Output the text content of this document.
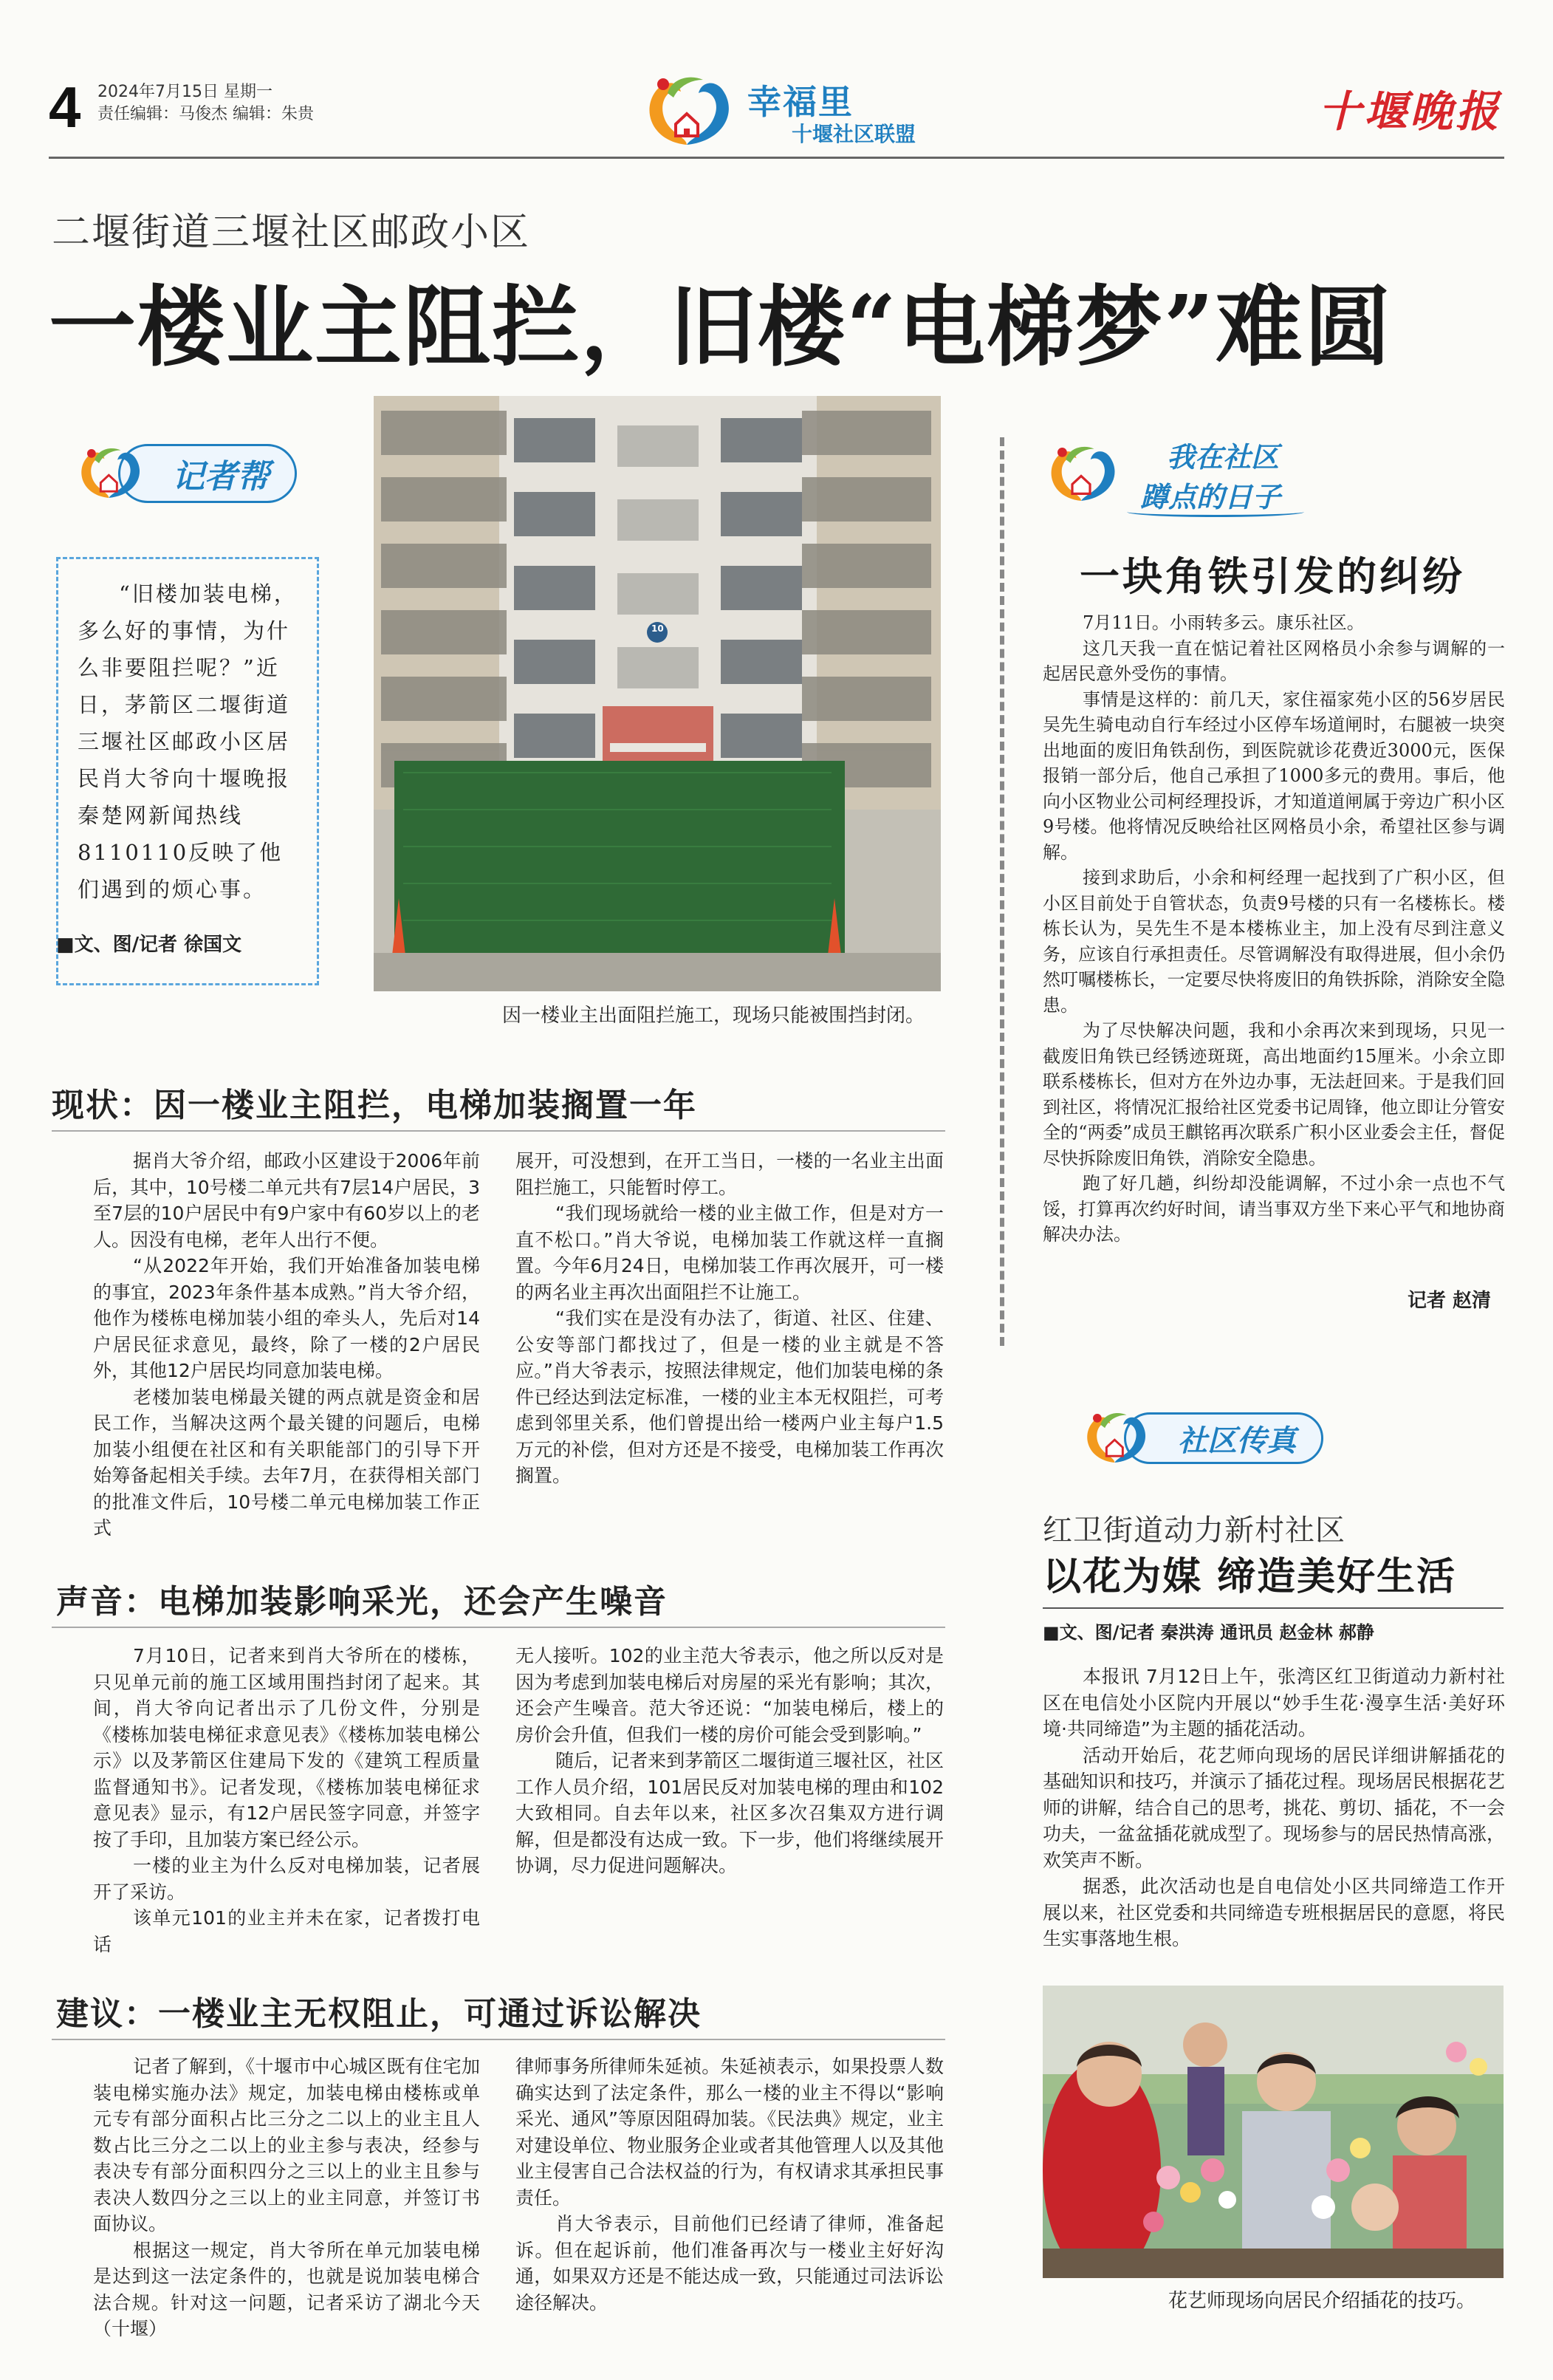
4 2024年7月15日 星期一
责任编辑：马俊杰 编辑：朱贵	幸福里
十堰社区联盟	十堰晚报
二堰街道三堰社区邮政小区
一楼业主阻拦，旧楼“电梯梦”难圆
记者帮

“旧楼加装电梯，多么好的事情，为什么非要阻拦呢？”近日，茅箭区二堰街道三堰社区邮政小区居民肖大爷向十堰晚报秦楚网新闻热线8110110反映了他们遇到的烦心事。

■文、图/记者 徐国文
10
因一楼业主出面阻拦施工，现场只能被围挡封闭。
现状：因一楼业主阻拦，电梯加装搁置一年

据肖大爷介绍，邮政小区建设于2006年前后，其中，10号楼二单元共有7层14户居民，3至7层的10户居民中有9户家中有60岁以上的老人。因没有电梯，老年人出行不便。

“从2022年开始，我们开始准备加装电梯的事宜，2023年条件基本成熟。”肖大爷介绍，他作为楼栋电梯加装小组的牵头人，先后对14户居民征求意见，最终，除了一楼的2户居民外，其他12户居民均同意加装电梯。

老楼加装电梯最关键的两点就是资金和居民工作，当解决这两个最关键的问题后，电梯加装小组便在社区和有关职能部门的引导下开始筹备起相关手续。去年7月，在获得相关部门的批准文件后，10号楼二单元电梯加装工作正式

展开，可没想到，在开工当日，一楼的一名业主出面阻拦施工，只能暂时停工。

“我们现场就给一楼的业主做工作，但是对方一直不松口。”肖大爷说，电梯加装工作就这样一直搁置。今年6月24日，电梯加装工作再次展开，可一楼的两名业主再次出面阻拦不让施工。

“我们实在是没有办法了，街道、社区、住建、公安等部门都找过了，但是一楼的业主就是不答应。”肖大爷表示，按照法律规定，他们加装电梯的条件已经达到法定标准，一楼的业主本无权阻拦，可考虑到邻里关系，他们曾提出给一楼两户业主每户1.5万元的补偿，但对方还是不接受，电梯加装工作再次搁置。

声音：电梯加装影响采光，还会产生噪音

7月10日，记者来到肖大爷所在的楼栋，只见单元前的施工区域用围挡封闭了起来。其间，肖大爷向记者出示了几份文件，分别是《楼栋加装电梯征求意见表》《楼栋加装电梯公示》以及茅箭区住建局下发的《建筑工程质量监督通知书》。记者发现，《楼栋加装电梯征求意见表》显示，有12户居民签字同意，并签字按了手印，且加装方案已经公示。

一楼的业主为什么反对电梯加装，记者展开了采访。

该单元101的业主并未在家，记者拨打电话

无人接听。102的业主范大爷表示，他之所以反对是因为考虑到加装电梯后对房屋的采光有影响；其次，还会产生噪音。范大爷还说：“加装电梯后，楼上的房价会升值，但我们一楼的房价可能会受到影响。”

随后，记者来到茅箭区二堰街道三堰社区，社区工作人员介绍，101居民反对加装电梯的理由和102大致相同。自去年以来，社区多次召集双方进行调解，但是都没有达成一致。下一步，他们将继续展开协调，尽力促进问题解决。

建议：一楼业主无权阻止，可通过诉讼解决

记者了解到，《十堰市中心城区既有住宅加装电梯实施办法》规定，加装电梯由楼栋或单元专有部分面积占比三分之二以上的业主且人数占比三分之二以上的业主参与表决，经参与表决专有部分面积四分之三以上的业主且参与表决人数四分之三以上的业主同意，并签订书面协议。

根据这一规定，肖大爷所在单元加装电梯是达到这一法定条件的，也就是说加装电梯合法合规。针对这一问题，记者采访了湖北今天（十堰）

律师事务所律师朱延祯。朱延祯表示，如果投票人数确实达到了法定条件，那么一楼的业主不得以“影响采光、通风”等原因阻碍加装。《民法典》规定，业主对建设单位、物业服务企业或者其他管理人以及其他业主侵害自己合法权益的行为，有权请求其承担民事责任。

肖大爷表示，目前他们已经请了律师，准备起诉。但在起诉前，他们准备再次与一楼业主好好沟通，如果双方还是不能达成一致，只能通过司法诉讼途径解决。

我在社区
蹲点的日子
一块角铁引发的纠纷

7月11日。小雨转多云。康乐社区。

这几天我一直在惦记着社区网格员小余参与调解的一起居民意外受伤的事情。

事情是这样的：前几天，家住福家苑小区的56岁居民吴先生骑电动自行车经过小区停车场道闸时，右腿被一块突出地面的废旧角铁刮伤，到医院就诊花费近3000元，医保报销一部分后，他自己承担了1000多元的费用。事后，他向小区物业公司柯经理投诉，才知道道闸属于旁边广积小区9号楼。他将情况反映给社区网格员小余，希望社区参与调解。

接到求助后，小余和柯经理一起找到了广积小区，但小区目前处于自管状态，负责9号楼的只有一名楼栋长。楼栋长认为，吴先生不是本楼栋业主，加上没有尽到注意义务，应该自行承担责任。尽管调解没有取得进展，但小余仍然叮嘱楼栋长，一定要尽快将废旧的角铁拆除，消除安全隐患。

为了尽快解决问题，我和小余再次来到现场，只见一截废旧角铁已经锈迹斑斑，高出地面约15厘米。小余立即联系楼栋长，但对方在外边办事，无法赶回来。于是我们回到社区，将情况汇报给社区党委书记周锋，他立即让分管安全的“两委”成员王麒铭再次联系广积小区业委会主任，督促尽快拆除废旧角铁，消除安全隐患。

跑了好几趟，纠纷却没能调解，不过小余一点也不气馁，打算再次约好时间，请当事双方坐下来心平气和地协商解决办法。

记者 赵清
社区传真
红卫街道动力新村社区
以花为媒 缔造美好生活
■文、图/记者 秦洪涛 通讯员 赵金林 郝静

本报讯 7月12日上午，张湾区红卫街道动力新村社区在电信处小区院内开展以“妙手生花·漫享生活·美好环境·共同缔造”为主题的插花活动。

活动开始后，花艺师向现场的居民详细讲解插花的基础知识和技巧，并演示了插花过程。现场居民根据花艺师的讲解，结合自己的思考，挑花、剪切、插花，不一会功夫，一盆盆插花就成型了。现场参与的居民热情高涨，欢笑声不断。

据悉，此次活动也是自电信处小区共同缔造工作开展以来，社区党委和共同缔造专班根据居民的意愿，将民生实事落地生根。

花艺师现场向居民介绍插花的技巧。
